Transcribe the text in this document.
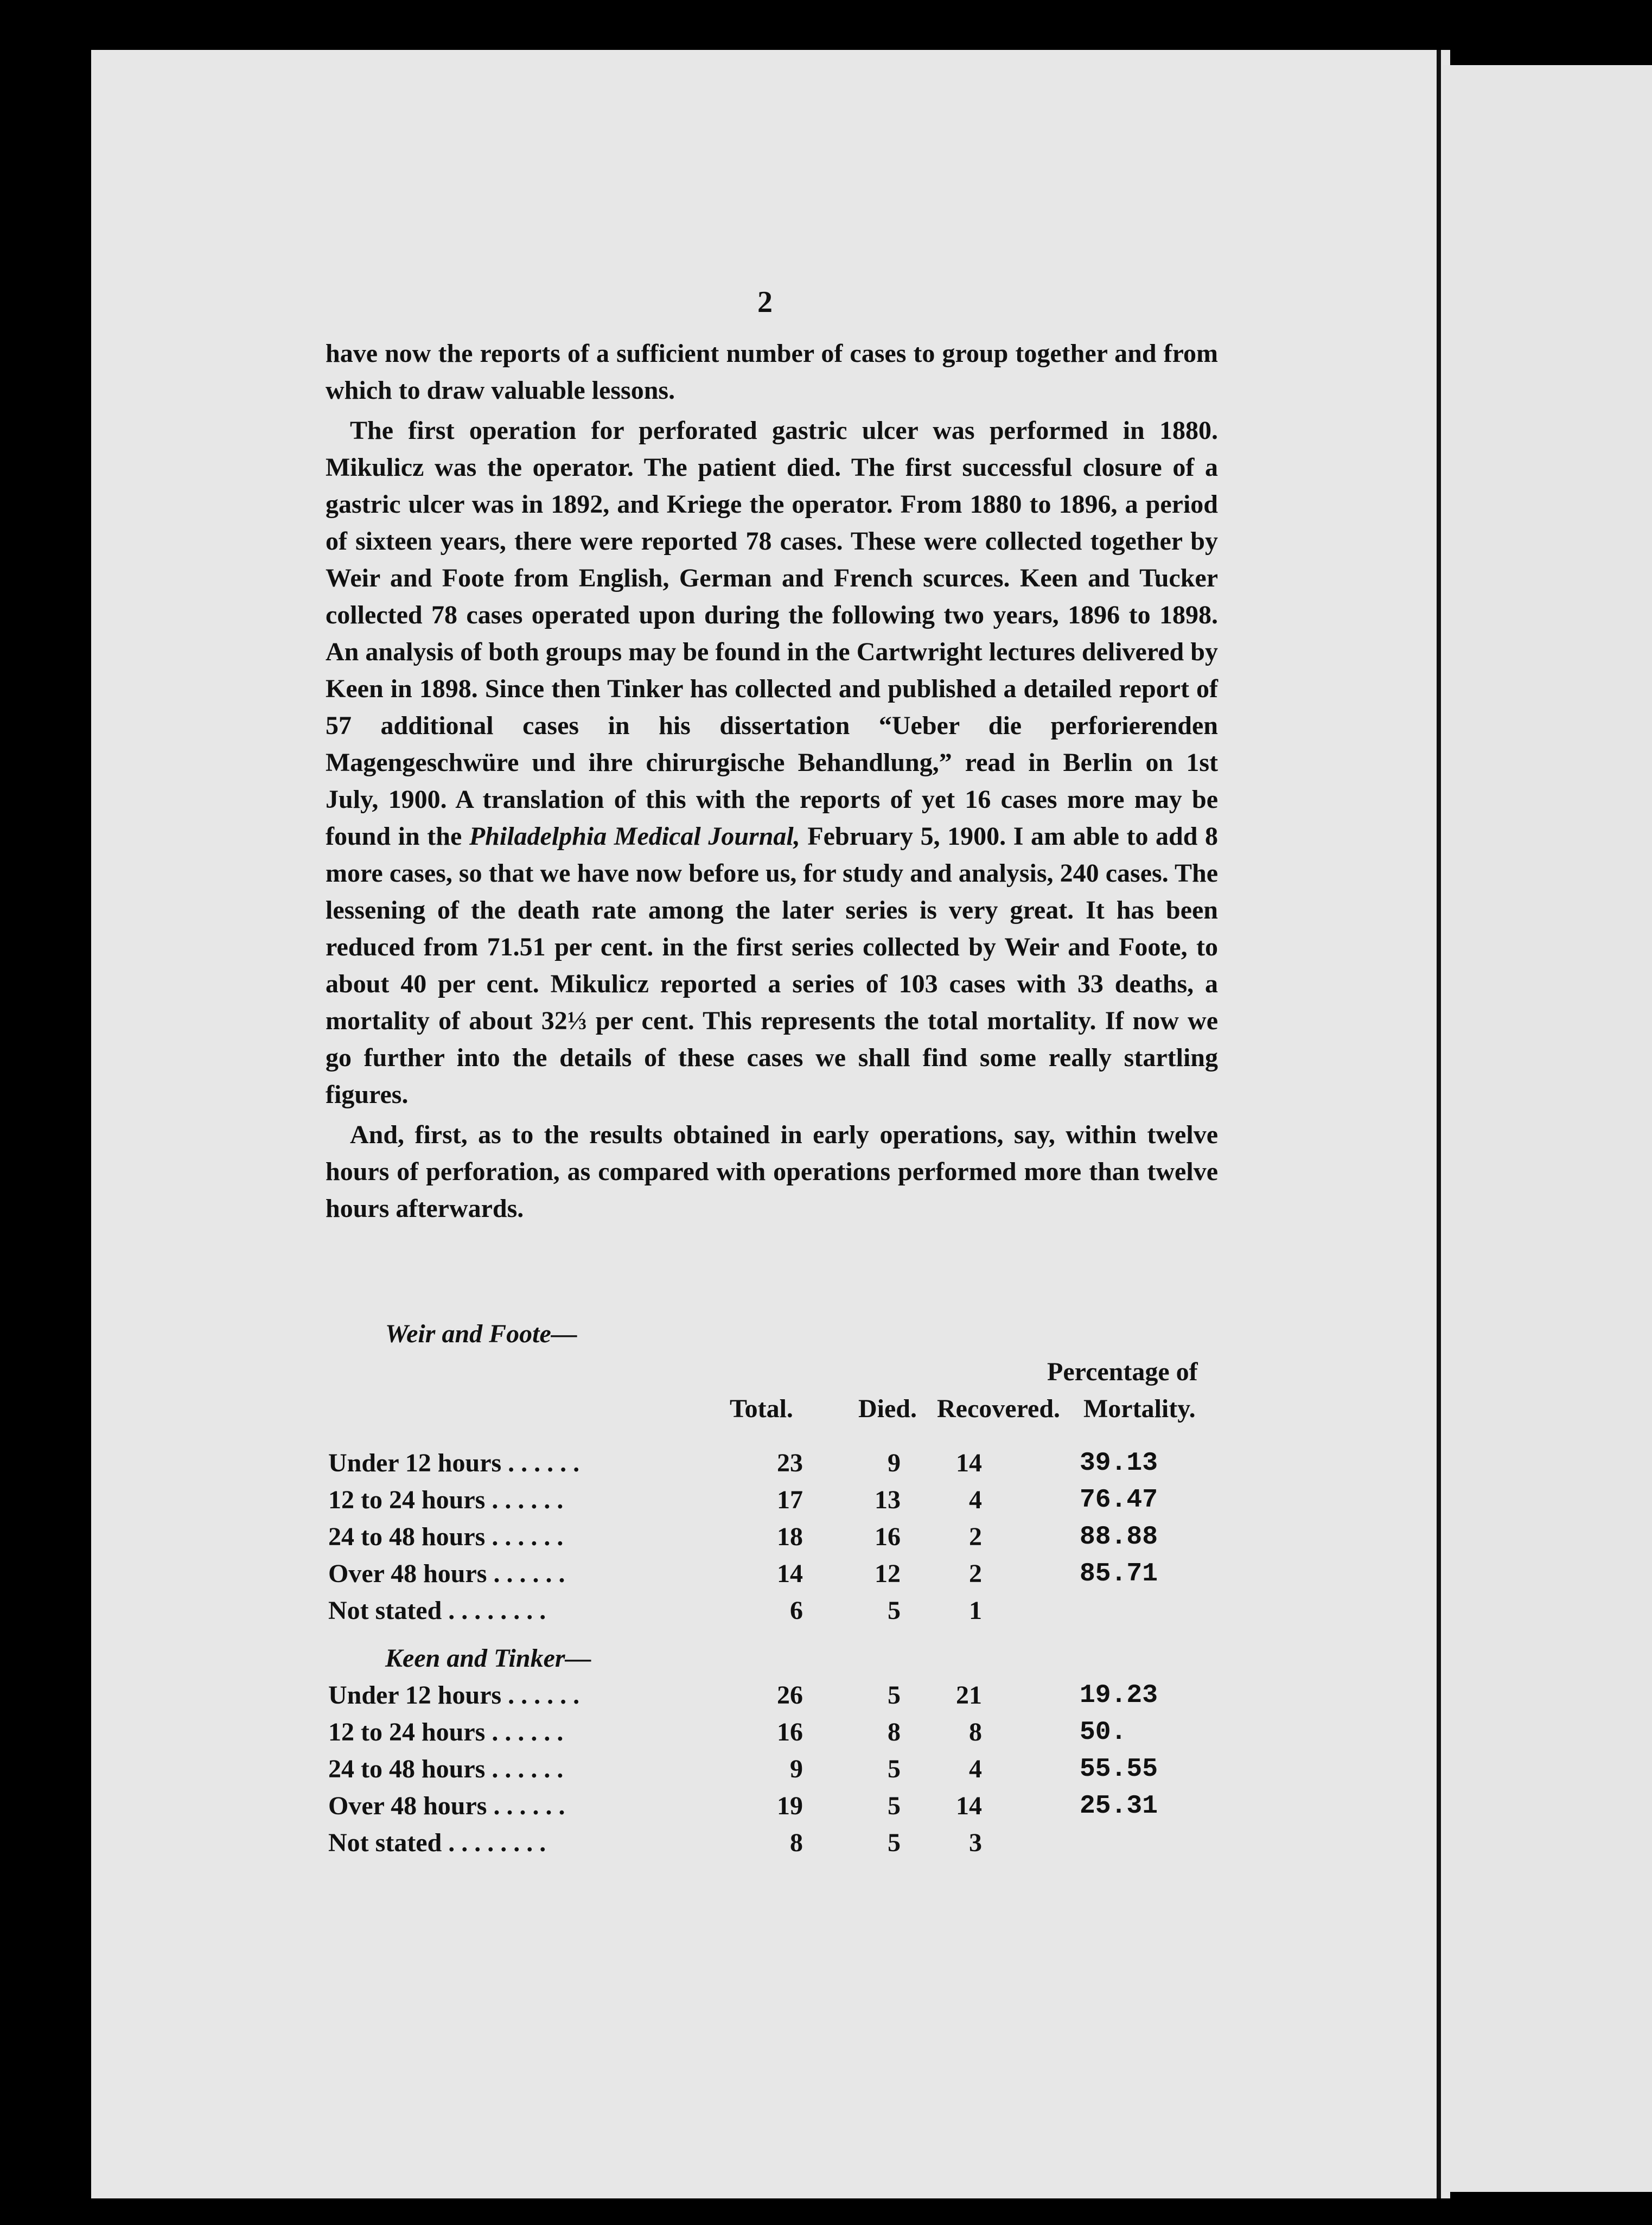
2

have now the reports of a sufficient number of cases to group together and from which to draw valuable lessons.

The first operation for perforated gastric ulcer was performed in 1880. Mikulicz was the operator. The patient died. The first successful closure of a gastric ulcer was in 1892, and Kriege the operator. From 1880 to 1896, a period of sixteen years, there were reported 78 cases. These were collected together by Weir and Foote from English, German and French scurces. Keen and Tucker collected 78 cases operated upon during the following two years, 1896 to 1898. An analysis of both groups may be found in the Cartwright lectures delivered by Keen in 1898. Since then Tinker has collected and published a detailed report of 57 additional cases in his dissertation “Ueber die perforierenden Magengeschwüre und ihre chirurgische Behandlung,” read in Berlin on 1st July, 1900. A translation of this with the reports of yet 16 cases more may be found in the Philadelphia Medical Journal, February 5, 1900. I am able to add 8 more cases, so that we have now before us, for study and analysis, 240 cases. The lessening of the death rate among the later series is very great. It has been reduced from 71.51 per cent. in the first series collected by Weir and Foote, to about 40 per cent. Mikulicz reported a series of 103 cases with 33 deaths, a mortality of about 32⅓ per cent. This represents the total mortality. If now we go further into the details of these cases we shall find some really startling figures.

And, first, as to the results obtained in early operations, say, within twelve hours of perforation, as compared with operations performed more than twelve hours afterwards.

Weir and Foote—
Percentage of
Total.	Died. Recovered. Mortality.
Under 12 hours . . . . . .	23	9	14	39.13
12 to 24 hours . . . . . .	17	13	4	76.47
24 to 48 hours . . . . . .	18	16	2	88.88
Over 48 hours . . . . . .	14	12	2	85.71
Not stated . . . . . . . .	6	5	1
Keen and Tinker—
Under 12 hours . . . . . .	26	5	21	19.23
12 to 24 hours . . . . . .	16	8	8	50.
24 to 48 hours . . . . . .	9	5	4	55.55
Over 48 hours . . . . . .	19	5	14	25.31
Not stated . . . . . . . .	8	5	3
